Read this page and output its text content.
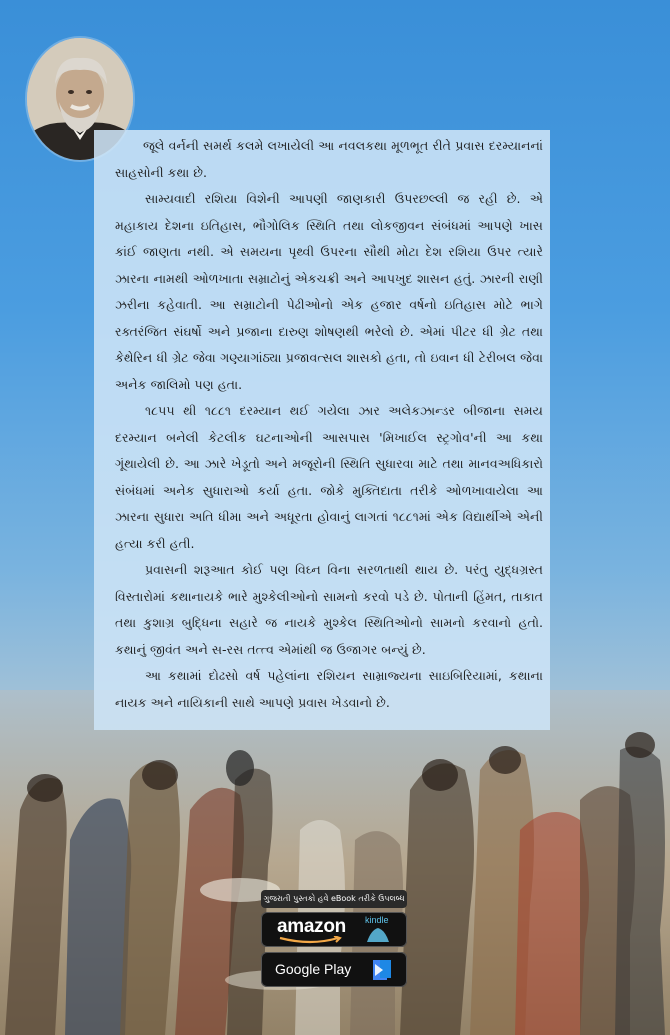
જૂલે વર્નની સમર્થ કલમે લખાયેલી આ નવલકથા મૂળભૂત રીતે પ્રવાસ દરમ્યાનનાં સાહસોની કથા છે.

સામ્યવાદી રશિયા વિશેની આપણી જાણકારી ઉપરછલ્લી જ રહી છે. એ મહાકાય દેશના ઇતિહાસ, ભૌગોલિક સ્થિતિ તથા લોકજીવન સંબંધમાં આપણે ખાસ કાંઈ જાણતા નથી. એ સમયના પૃથ્વી ઉપરના સૌથી મોટા દેશ રશિયા ઉપર ત્યારે ઝારના નામથી ઓળખાતા સમ્રાટોનું એકચક્રી અને આપખુદ શાસન હતું. ઝારની રાણી ઝરીના કહેવાતી. આ સમ્રાટોની પેઢીઓનો એક હજાર વર્ષનો ઇતિહાસ મોટે ભાગે રક્તરંજિત સંઘર્ષો અને પ્રજાના દારુણ શોષણથી ભરેલો છે. એમાં પીટર ધી ગ્રેટ તથા કેથેરિન ધી ગ્રેટ જેવા ગણ્યાગાંઠ્યા પ્રજાવત્સલ શાસકો હતા, તો ઇવાન ધી ટેરીબલ જેવા અનેક જાલિમો પણ હતા.

૧૮૫૫ થી ૧૮૮૧ દરમ્યાન થઈ ગયેલા ઝાર અલેકઝાન્ડર બીજાના સમય દરમ્યાન બનેલી કેટલીક ઘટનાઓની આસપાસ 'મિખાઈલ સ્ટ્રગોવ'ની આ કથા ગૂંથાયેલી છે. આ ઝારે ખેડૂતો અને મજૂરોની સ્થિતિ સુધારવા માટે તથા માનવઅધિકારો સંબંધમાં અનેક સુધારાઓ કર્યા હતા. જોકે મુક્તિદાતા તરીકે ઓળખાવાયેલા આ ઝારના સુધારા અતિ ધીમા અને અધૂરતા હોવાનું લાગતાં ૧૮૮૧માં એક વિદ્યાર્થીએ એની હત્યા કરી હતી.

પ્રવાસની શરૂઆત કોઈ પણ વિઘ્ન વિના સરળતાથી થાય છે. પરંતુ યુદ્ધગ્રસ્ત વિસ્તારોમાં કથાનાયકે ભારે મુશ્કેલીઓનો સામનો કરવો પડે છે. પોતાની હિંમત, તાકાત તથા કુશાગ્ર બુદ્ધિના સહારે જ નાયકે મુશ્કેલ સ્થિતિઓનો સામનો કરવાનો હતો. કથાનું જીવંત અને સ-રસ તત્ત્વ એમાંથી જ ઉજાગર બન્યું છે.

આ કથામાં દોઢસો વર્ષ પહેલાંના રશિયન સામ્રાજ્યના સાઇબિરિયામાં, કથાના નાયક અને નાયિકાની સાથે આપણે પ્રવાસ ખેડવાનો છે.

ગુજરાતી પુસ્તકો હવે eBook તરીકે ઉપલબ્ધ
amazon kindle
Google Play
